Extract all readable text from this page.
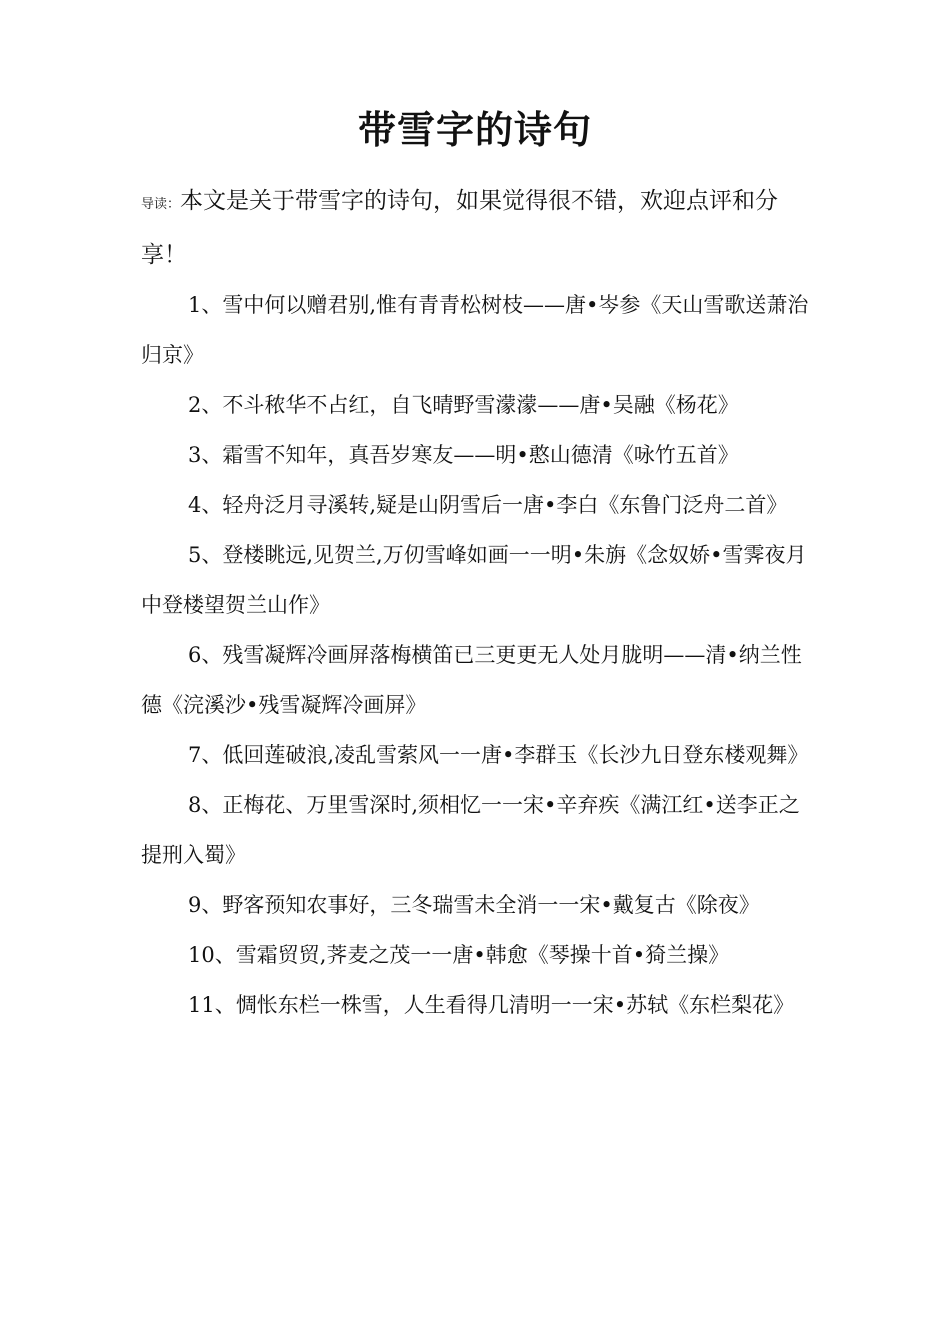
带雪字的诗句

导读：本文是关于带雪字的诗句，如果觉得很不错，欢迎点评和分享！

1、雪中何以赠君别,惟有青青松树枝——唐•岑参《天山雪歌送萧治归京》

2、不斗秾华不占红，自飞晴野雪濛濛——唐•吴融《杨花》

3、霜雪不知年，真吾岁寒友——明•憨山德清《咏竹五首》

4、轻舟泛月寻溪转,疑是山阴雪后一唐•李白《东鲁门泛舟二首》

5、登楼眺远,见贺兰,万仞雪峰如画一一明•朱旃《念奴娇•雪霁夜月中登楼望贺兰山作》

6、残雪凝辉冷画屏落梅横笛已三更更无人处月胧明——清•纳兰性德《浣溪沙•残雪凝辉冷画屏》

7、低回莲破浪,凌乱雪萦风一一唐•李群玉《长沙九日登东楼观舞》

8、正梅花、万里雪深时,须相忆一一宋•辛弃疾《满江红•送李正之提刑入蜀》

9、野客预知农事好，三冬瑞雪未全消一一宋•戴复古《除夜》

10、雪霜贸贸,荠麦之茂一一唐•韩愈《琴操十首•猗兰操》

11、惆怅东栏一株雪，人生看得几清明一一宋•苏轼《东栏梨花》
